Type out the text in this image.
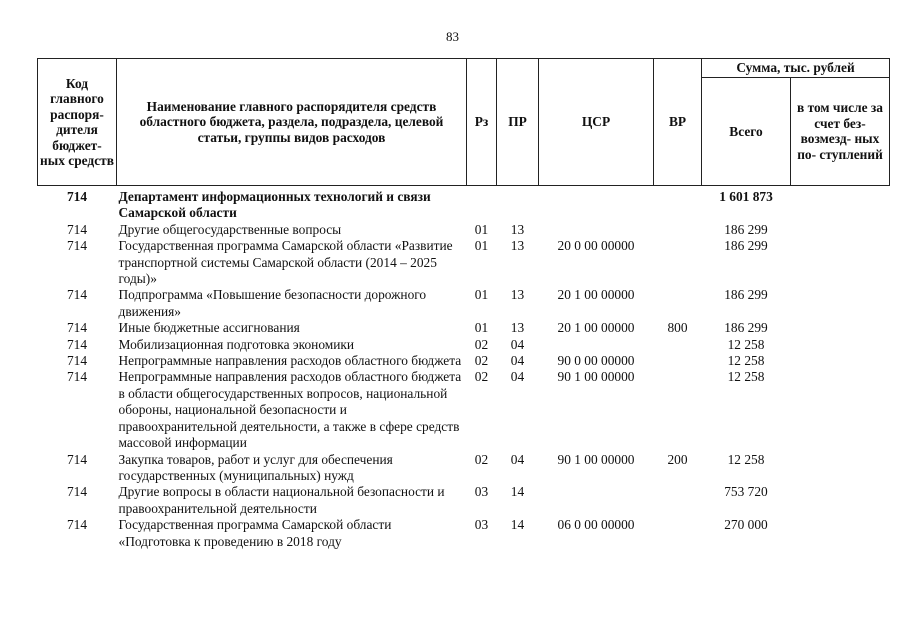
83
Код главного распоря- дителя бюджет- ных средств	Наименование главного распорядителя средств областного бюджета, раздела, подраздела, целевой статьи, группы видов расходов	Рз	ПР	ЦСР	ВР	Сумма, тыс. рублей	
						Всего	в том числе за счет без- возмезд- ных по- ступлений

714	Департамент информационных технологий и связи Самарской области					1 601 873	
714	Другие общегосударственные вопросы	01	13			186 299	
714	Государственная программа Самарской области «Развитие транспортной системы Самарской области (2014 – 2025 годы)»	01	13	20 0 00 00000		186 299	
714	Подпрограмма «Повышение безопасности дорожного движения»	01	13	20 1 00 00000		186 299	
714	Иные бюджетные ассигнования	01	13	20 1 00 00000	800	186 299	
714	Мобилизационная подготовка экономики	02	04			12 258	
714	Непрограммные направления расходов областного бюджета	02	04	90 0 00 00000		12 258	
714	Непрограммные направления расходов областного бюджета в области общегосударственных вопросов, национальной обороны, национальной безопасности и правоохранительной деятельности, а также в сфере средств массовой информации	02	04	90 1 00 00000		12 258	
714	Закупка товаров, работ и услуг для обеспечения государственных (муниципальных) нужд	02	04	90 1 00 00000	200	12 258	
714	Другие вопросы в области национальной безопасности и правоохранительной деятельности	03	14			753 720	
714	Государственная программа Самарской области «Подготовка к проведению в 2018 году	03	14	06 0 00 00000		270 000	
